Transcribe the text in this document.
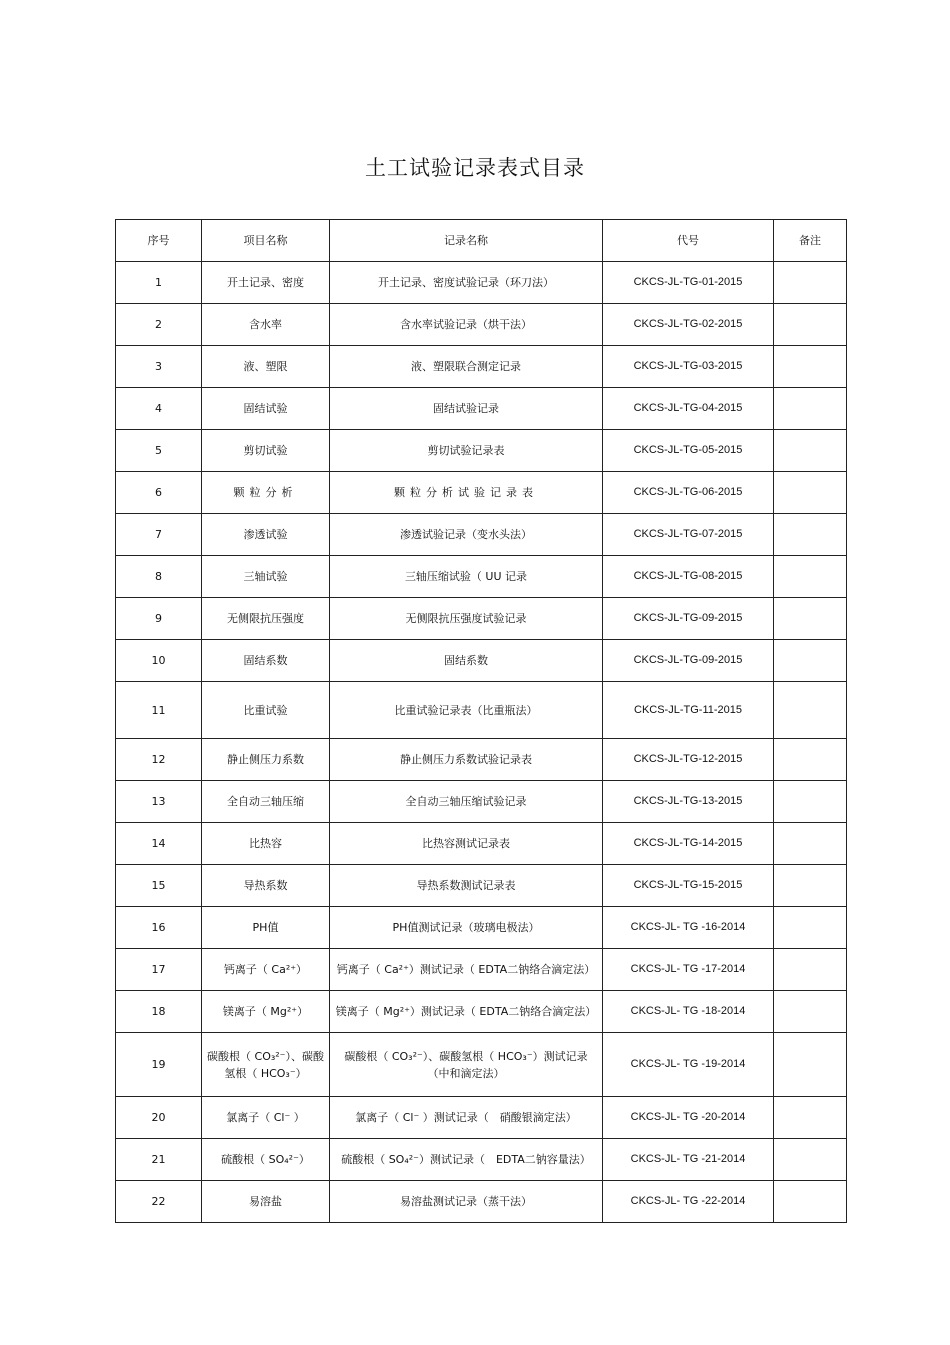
土工试验记录表式目录
序号	项目名称	记录名称	代号	备注
1	开土记录、密度	开土记录、密度试验记录（环刀法）	CKCS-JL-TG-01-2015	
2	含水率	含水率试验记录（烘干法）	CKCS-JL-TG-02-2015	
3	液、塑限	液、塑限联合测定记录	CKCS-JL-TG-03-2015	
4	固结试验	固结试验记录	CKCS-JL-TG-04-2015	
5	剪切试验	剪切试验记录表	CKCS-JL-TG-05-2015	
6	颗粒分析	颗粒分析试验记录表	CKCS-JL-TG-06-2015	
7	渗透试验	渗透试验记录（变水头法）	CKCS-JL-TG-07-2015	
8	三轴试验	三轴压缩试验（ UU 记录	CKCS-JL-TG-08-2015	
9	无侧限抗压强度	无侧限抗压强度试验记录	CKCS-JL-TG-09-2015	
10	固结系数	固结系数	CKCS-JL-TG-09-2015	
11	比重试验	比重试验记录表（比重瓶法）	CKCS-JL-TG-11-2015	
12	静止侧压力系数	静止侧压力系数试验记录表	CKCS-JL-TG-12-2015	
13	全自动三轴压缩	全自动三轴压缩试验记录	CKCS-JL-TG-13-2015	
14	比热容	比热容测试记录表	CKCS-JL-TG-14-2015	
15	导热系数	导热系数测试记录表	CKCS-JL-TG-15-2015	
16	PH值	PH值测试记录（玻璃电极法）	CKCS-JL- TG -16-2014	
17	钙离子（ Ca²⁺）	钙离子（ Ca²⁺）测试记录（ EDTA二钠络合滴定法）	CKCS-JL- TG -17-2014	
18	镁离子（ Mg²⁺）	镁离子（ Mg²⁺）测试记录（ EDTA二钠络合滴定法）	CKCS-JL- TG -18-2014	
19	碳酸根（ CO₃²⁻）、碳酸氢根（ HCO₃⁻）	碳酸根（ CO₃²⁻）、碳酸氢根（ HCO₃⁻）测试记录（中和滴定法）	CKCS-JL- TG -19-2014	
20	氯离子（ Cl⁻ ）	氯离子（ Cl⁻ ）测试记录（　硝酸银滴定法）	CKCS-JL- TG -20-2014	
21	硫酸根（ SO₄²⁻）	硫酸根（ SO₄²⁻）测试记录（　EDTA二钠容量法）	CKCS-JL- TG -21-2014	
22	易溶盐	易溶盐测试记录（蒸干法）	CKCS-JL- TG -22-2014	
